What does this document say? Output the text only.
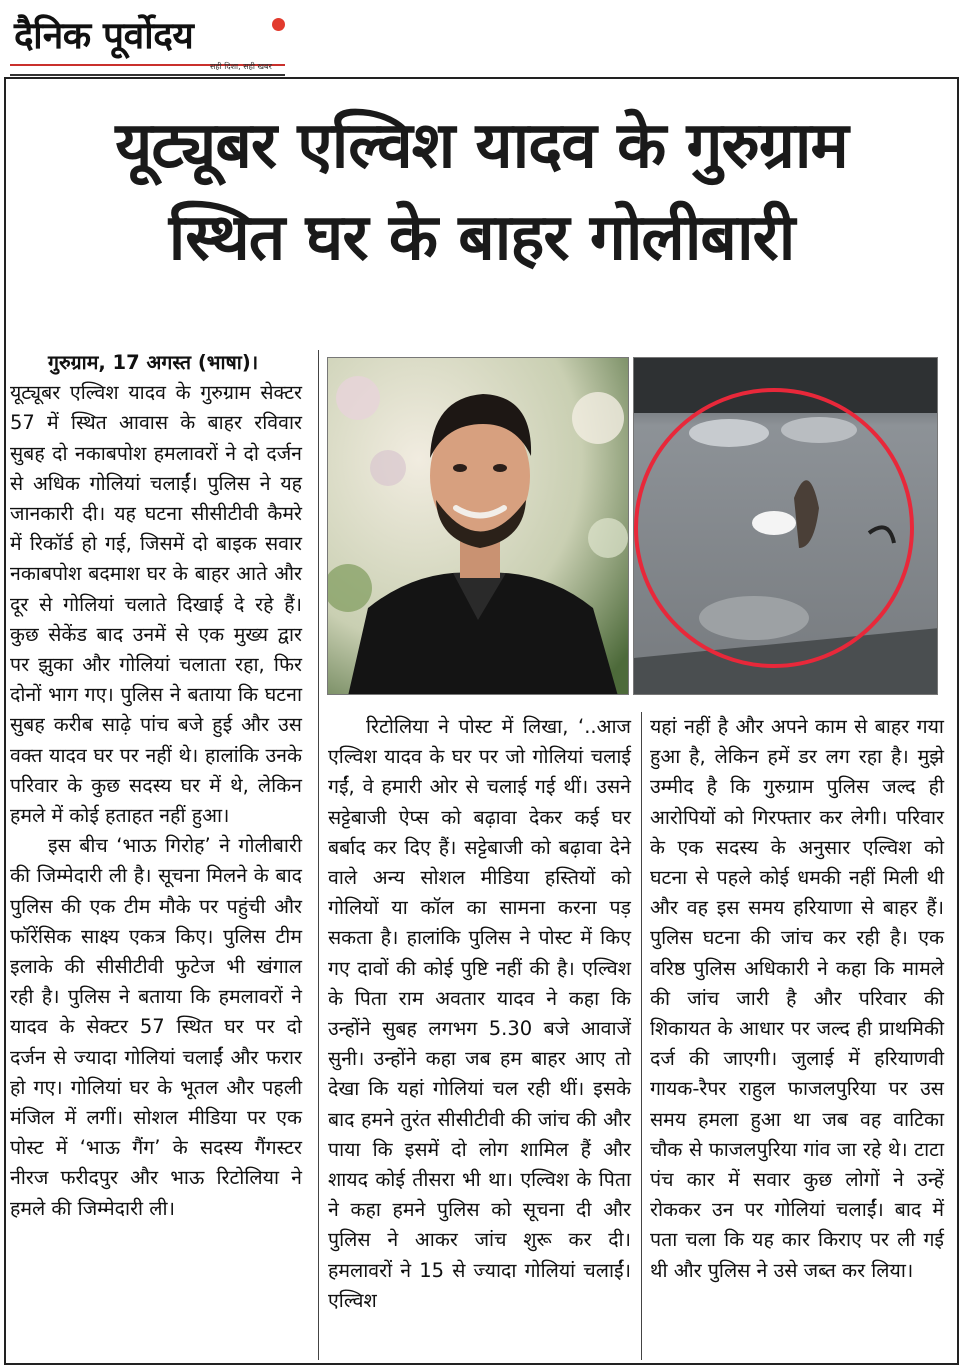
दैनिक पूर्वोदय
सही दिशा, सही खबर
यूट्यूबर एल्विश यादव के गुरुग्राम
स्थित घर के बाहर गोलीबारी

गुरुग्राम, 17 अगस्त (भाषा)।

यूट्यूबर एल्विश यादव के गुरुग्राम सेक्टर 57 में स्थित आवास के बाहर रविवार सुबह दो नकाबपोश हमलावरों ने दो दर्जन से अधिक गोलियां चलाईं। पुलिस ने यह जानकारी दी। यह घटना सीसीटीवी कैमरे में रिकॉर्ड हो गई, जिसमें दो बाइक सवार नकाबपोश बदमाश घर के बाहर आते और दूर से गोलियां चलाते दिखाई दे रहे हैं। कुछ सेकेंड बाद उनमें से एक मुख्य द्वार पर झुका और गोलियां चलाता रहा, फिर दोनों भाग गए। पुलिस ने बताया कि घटना सुबह करीब साढ़े पांच बजे हुई और उस वक्त यादव घर पर नहीं थे। हालांकि उनके परिवार के कुछ सदस्य घर में थे, लेकिन हमले में कोई हताहत नहीं हुआ।

इस बीच ‘भाऊ गिरोह’ ने गोलीबारी की जिम्मेदारी ली है। सूचना मिलने के बाद पुलिस की एक टीम मौके पर पहुंची और फॉरेंसिक साक्ष्य एकत्र किए। पुलिस टीम इलाके की सीसीटीवी फुटेज भी खंगाल रही है। पुलिस ने बताया कि हमलावरों ने यादव के सेक्टर 57 स्थित घर पर दो दर्जन से ज्यादा गोलियां चलाईं और फरार हो गए। गोलियां घर के भूतल और पहली मंजिल में लगीं। सोशल मीडिया पर एक पोस्ट में ‘भाऊ गैंग’ के सदस्य गैंगस्टर नीरज फरीदपुर और भाऊ रिटोलिया ने हमले की जिम्मेदारी ली।

रिटोलिया ने पोस्ट में लिखा, ‘..आज एल्विश यादव के घर पर जो गोलियां चलाई गईं, वे हमारी ओर से चलाई गई थीं। उसने सट्टेबाजी ऐप्स को बढ़ावा देकर कई घर बर्बाद कर दिए हैं। सट्टेबाजी को बढ़ावा देने वाले अन्य सोशल मीडिया हस्तियों को गोलियों या कॉल का सामना करना पड़ सकता है। हालांकि पुलिस ने पोस्ट में किए गए दावों की कोई पुष्टि नहीं की है। एल्विश के पिता राम अवतार यादव ने कहा कि उन्होंने सुबह लगभग 5.30 बजे आवाजें सुनी। उन्होंने कहा जब हम बाहर आए तो देखा कि यहां गोलियां चल रही थीं। इसके बाद हमने तुरंत सीसीटीवी की जांच की और पाया कि इसमें दो लोग शामिल हैं और शायद कोई तीसरा भी था। एल्विश के पिता ने कहा हमने पुलिस को सूचना दी और पुलिस ने आकर जांच शुरू कर दी। हमलावरों ने 15 से ज्यादा गोलियां चलाईं। एल्विश

यहां नहीं है और अपने काम से बाहर गया हुआ है, लेकिन हमें डर लग रहा है। मुझे उम्मीद है कि गुरुग्राम पुलिस जल्द ही आरोपियों को गिरफ्तार कर लेगी। परिवार के एक सदस्य के अनुसार एल्विश को घटना से पहले कोई धमकी नहीं मिली थी और वह इस समय हरियाणा से बाहर हैं। पुलिस घटना की जांच कर रही है। एक वरिष्ठ पुलिस अधिकारी ने कहा कि मामले की जांच जारी है और परिवार की शिकायत के आधार पर जल्द ही प्राथमिकी दर्ज की जाएगी। जुलाई में हरियाणवी गायक-रैपर राहुल फाजलपुरिया पर उस समय हमला हुआ था जब वह वाटिका चौक से फाजलपुरिया गांव जा रहे थे। टाटा पंच कार में सवार कुछ लोगों ने उन्हें रोककर उन पर गोलियां चलाईं। बाद में पता चला कि यह कार किराए पर ली गई थी और पुलिस ने उसे जब्त कर लिया।
